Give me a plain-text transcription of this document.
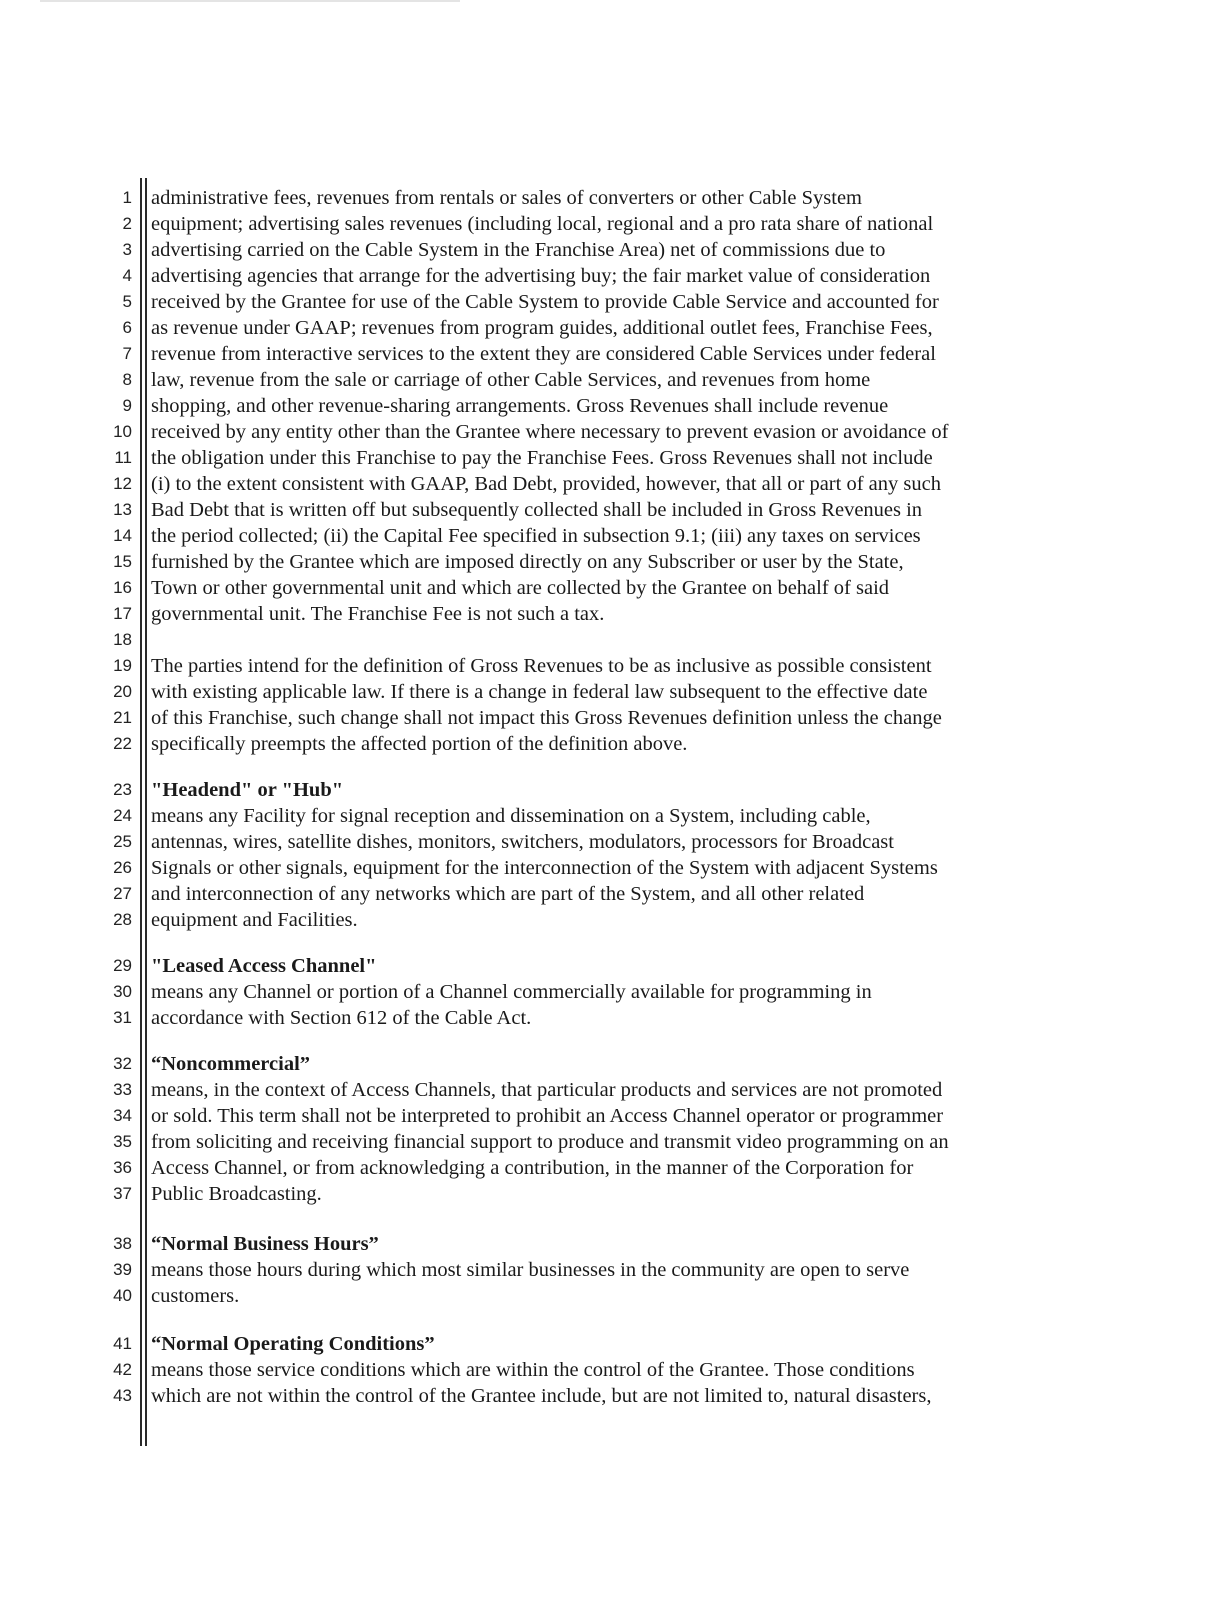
1 administrative fees, revenues from rentals or sales of converters or other Cable System
2 equipment; advertising sales revenues (including local, regional and a pro rata share of national
3 advertising carried on the Cable System in the Franchise Area) net of commissions due to
4 advertising agencies that arrange for the advertising buy; the fair market value of consideration
5 received by the Grantee for use of the Cable System to provide Cable Service and accounted for
6 as revenue under GAAP; revenues from program guides, additional outlet fees, Franchise Fees,
7 revenue from interactive services to the extent they are considered Cable Services under federal
8 law, revenue from the sale or carriage of other Cable Services, and revenues from home
9 shopping, and other revenue-sharing arrangements. Gross Revenues shall include revenue
10 received by any entity other than the Grantee where necessary to prevent evasion or avoidance of
11 the obligation under this Franchise to pay the Franchise Fees. Gross Revenues shall not include
12 (i) to the extent consistent with GAAP, Bad Debt, provided, however, that all or part of any such
13 Bad Debt that is written off but subsequently collected shall be included in Gross Revenues in
14 the period collected; (ii) the Capital Fee specified in subsection 9.1; (iii) any taxes on services
15 furnished by the Grantee which are imposed directly on any Subscriber or user by the State,
16 Town or other governmental unit and which are collected by the Grantee on behalf of said
17 governmental unit. The Franchise Fee is not such a tax.
18
19 The parties intend for the definition of Gross Revenues to be as inclusive as possible consistent
20 with existing applicable law. If there is a change in federal law subsequent to the effective date
21 of this Franchise, such change shall not impact this Gross Revenues definition unless the change
22 specifically preempts the affected portion of the definition above.
23 "Headend" or "Hub"
24 means any Facility for signal reception and dissemination on a System, including cable,
25 antennas, wires, satellite dishes, monitors, switchers, modulators, processors for Broadcast
26 Signals or other signals, equipment for the interconnection of the System with adjacent Systems
27 and interconnection of any networks which are part of the System, and all other related
28 equipment and Facilities.
29 "Leased Access Channel"
30 means any Channel or portion of a Channel commercially available for programming in
31 accordance with Section 612 of the Cable Act.
32 “Noncommercial”
33 means, in the context of Access Channels, that particular products and services are not promoted
34 or sold. This term shall not be interpreted to prohibit an Access Channel operator or programmer
35 from soliciting and receiving financial support to produce and transmit video programming on an
36 Access Channel, or from acknowledging a contribution, in the manner of the Corporation for
37 Public Broadcasting.
38 “Normal Business Hours”
39 means those hours during which most similar businesses in the community are open to serve
40 customers.
41 “Normal Operating Conditions”
42 means those service conditions which are within the control of the Grantee. Those conditions
43 which are not within the control of the Grantee include, but are not limited to, natural disasters,
